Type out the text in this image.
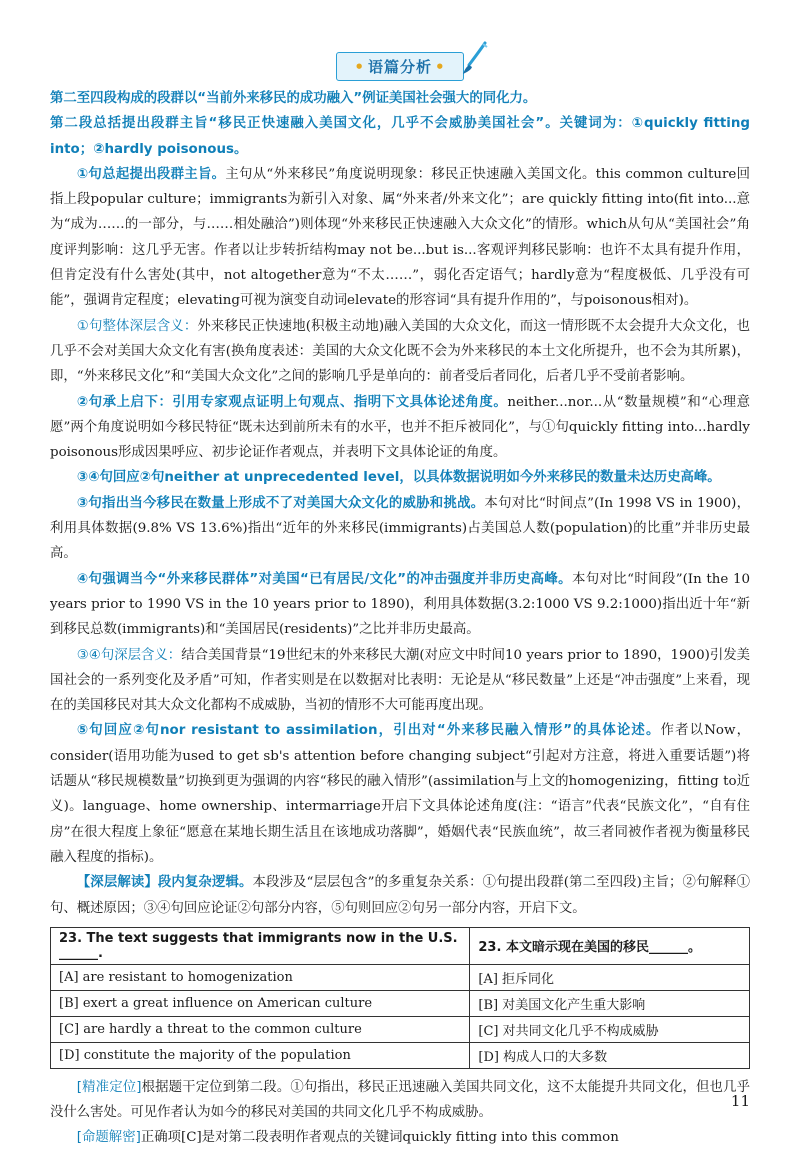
• 语篇分析 •

第二至四段构成的段群以“当前外来移民的成功融入”例证美国社会强大的同化力。

第二段总括提出段群主旨“移民正快速融入美国文化，几乎不会威胁美国社会”。关键词为：①quickly fitting into；②hardly poisonous。

①句总起提出段群主旨。主句从“外来移民”角度说明现象：移民正快速融入美国文化。this common culture回指上段popular culture；immigrants为新引入对象、属“外来者/外来文化”；are quickly fitting into(fit into...意为“成为……的一部分，与……相处融洽”)则体现“外来移民正快速融入大众文化”的情形。which从句从“美国社会”角度评判影响：这几乎无害。作者以让步转折结构may not be...but is...客观评判移民影响：也许不太具有提升作用，但肯定没有什么害处(其中，not altogether意为“不太……”，弱化否定语气；hardly意为“程度极低、几乎没有可能”，强调肯定程度；elevating可视为演变自动词elevate的形容词“具有提升作用的”，与poisonous相对)。

①句整体深层含义：外来移民正快速地(积极主动地)融入美国的大众文化，而这一情形既不太会提升大众文化，也几乎不会对美国大众文化有害(换角度表述：美国的大众文化既不会为外来移民的本土文化所提升，也不会为其所累)，即，“外来移民文化”和“美国大众文化”之间的影响几乎是单向的：前者受后者同化，后者几乎不受前者影响。

②句承上启下：引用专家观点证明上句观点、指明下文具体论述角度。neither...nor...从“数量规模”和“心理意愿”两个角度说明如今移民特征“既未达到前所未有的水平，也并不拒斥被同化”，与①句quickly fitting into...hardly poisonous形成因果呼应、初步论证作者观点，并表明下文具体论证的角度。

③④句回应②句neither at unprecedented level，以具体数据说明如今外来移民的数量未达历史高峰。

③句指出当今移民在数量上形成不了对美国大众文化的威胁和挑战。本句对比“时间点”(In 1998 VS in 1900)，利用具体数据(9.8% VS 13.6%)指出“近年的外来移民(immigrants)占美国总人数(population)的比重”并非历史最高。

④句强调当今“外来移民群体”对美国“已有居民/文化”的冲击强度并非历史高峰。本句对比“时间段”(In the 10 years prior to 1990 VS in the 10 years prior to 1890)，利用具体数据(3.2:1000 VS 9.2:1000)指出近十年“新到移民总数(immigrants)和“美国居民(residents)”之比并非历史最高。

③④句深层含义：结合美国背景“19世纪末的外来移民大潮(对应文中时间10 years prior to 1890，1900)引发美国社会的一系列变化及矛盾”可知，作者实则是在以数据对比表明：无论是从“移民数量”上还是“冲击强度”上来看，现在的美国移民对其大众文化都构不成威胁，当初的情形不大可能再度出现。

⑤句回应②句nor resistant to assimilation，引出对“外来移民融入情形”的具体论述。作者以Now，consider(语用功能为used to get sb's attention before changing subject“引起对方注意，将进入重要话题”)将话题从“移民规模数量”切换到更为强调的内容“移民的融入情形”(assimilation与上文的homogenizing，fitting to近义)。language、home ownership、intermarriage开启下文具体论述角度(注：“语言”代表“民族文化”，“自有住房”在很大程度上象征“愿意在某地长期生活且在该地成功落脚”，婚姻代表“民族血统”，故三者同被作者视为衡量移民融入程度的指标)。

【深层解读】段内复杂逻辑。本段涉及“层层包含”的多重复杂关系：①句提出段群(第二至四段)主旨；②句解释①句、概述原因；③④句回应论证②句部分内容，⑤句则回应②句另一部分内容，开启下文。

23. The text suggests that immigrants now in the U.S. ______.	23. 本文暗示现在美国的移民______。
[A] are resistant to homogenization	[A] 拒斥同化
[B] exert a great influence on American culture	[B] 对美国文化产生重大影响
[C] are hardly a threat to the common culture	[C] 对共同文化几乎不构成威胁
[D] constitute the majority of the population	[D] 构成人口的大多数

[精准定位]根据题干定位到第二段。①句指出，移民正迅速融入美国共同文化，这不太能提升共同文化，但也几乎没什么害处。可见作者认为如今的移民对美国的共同文化几乎不构成威胁。

[命题解密]正确项[C]是对第二段表明作者观点的关键词quickly fitting into this common

11
